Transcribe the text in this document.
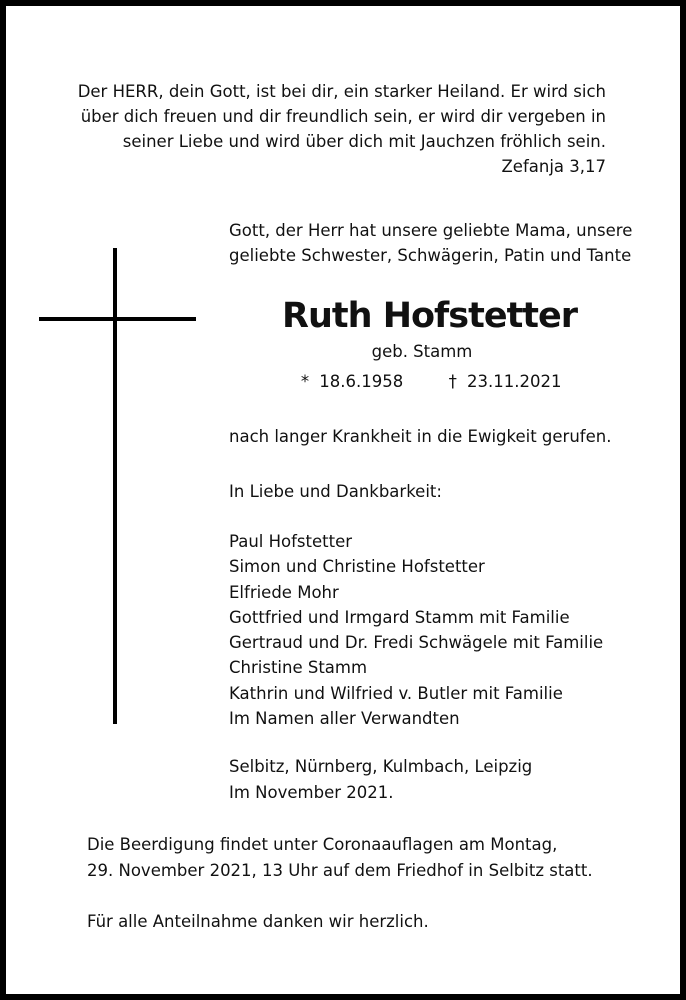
Der HERR, dein Gott, ist bei dir, ein starker Heiland. Er wird sich
über dich freuen und dir freundlich sein, er wird dir vergeben in
seiner Liebe und wird über dich mit Jauchzen fröhlich sein.
Zefanja 3,17

Gott, der Herr hat unsere geliebte Mama, unsere

geliebte Schwester, Schwägerin, Patin und Tante

Ruth Hofstetter
geb. Stamm
* 18.6.1958	† 23.11.2021

nach langer Krankheit in die Ewigkeit gerufen.

In Liebe und Dankbarkeit:

Paul Hofstetter
Simon und Christine Hofstetter
Elfriede Mohr
Gottfried und Irmgard Stamm mit Familie
Gertraud und Dr. Fredi Schwägele mit Familie
Christine Stamm
Kathrin und Wilfried v. Butler mit Familie
Im Namen aller Verwandten
Selbitz, Nürnberg, Kulmbach, Leipzig
Im November 2021.
Die Beerdigung findet unter Coronaauflagen am Montag,
29. November 2021, 13 Uhr auf dem Friedhof in Selbitz statt.

Für alle Anteilnahme danken wir herzlich.
